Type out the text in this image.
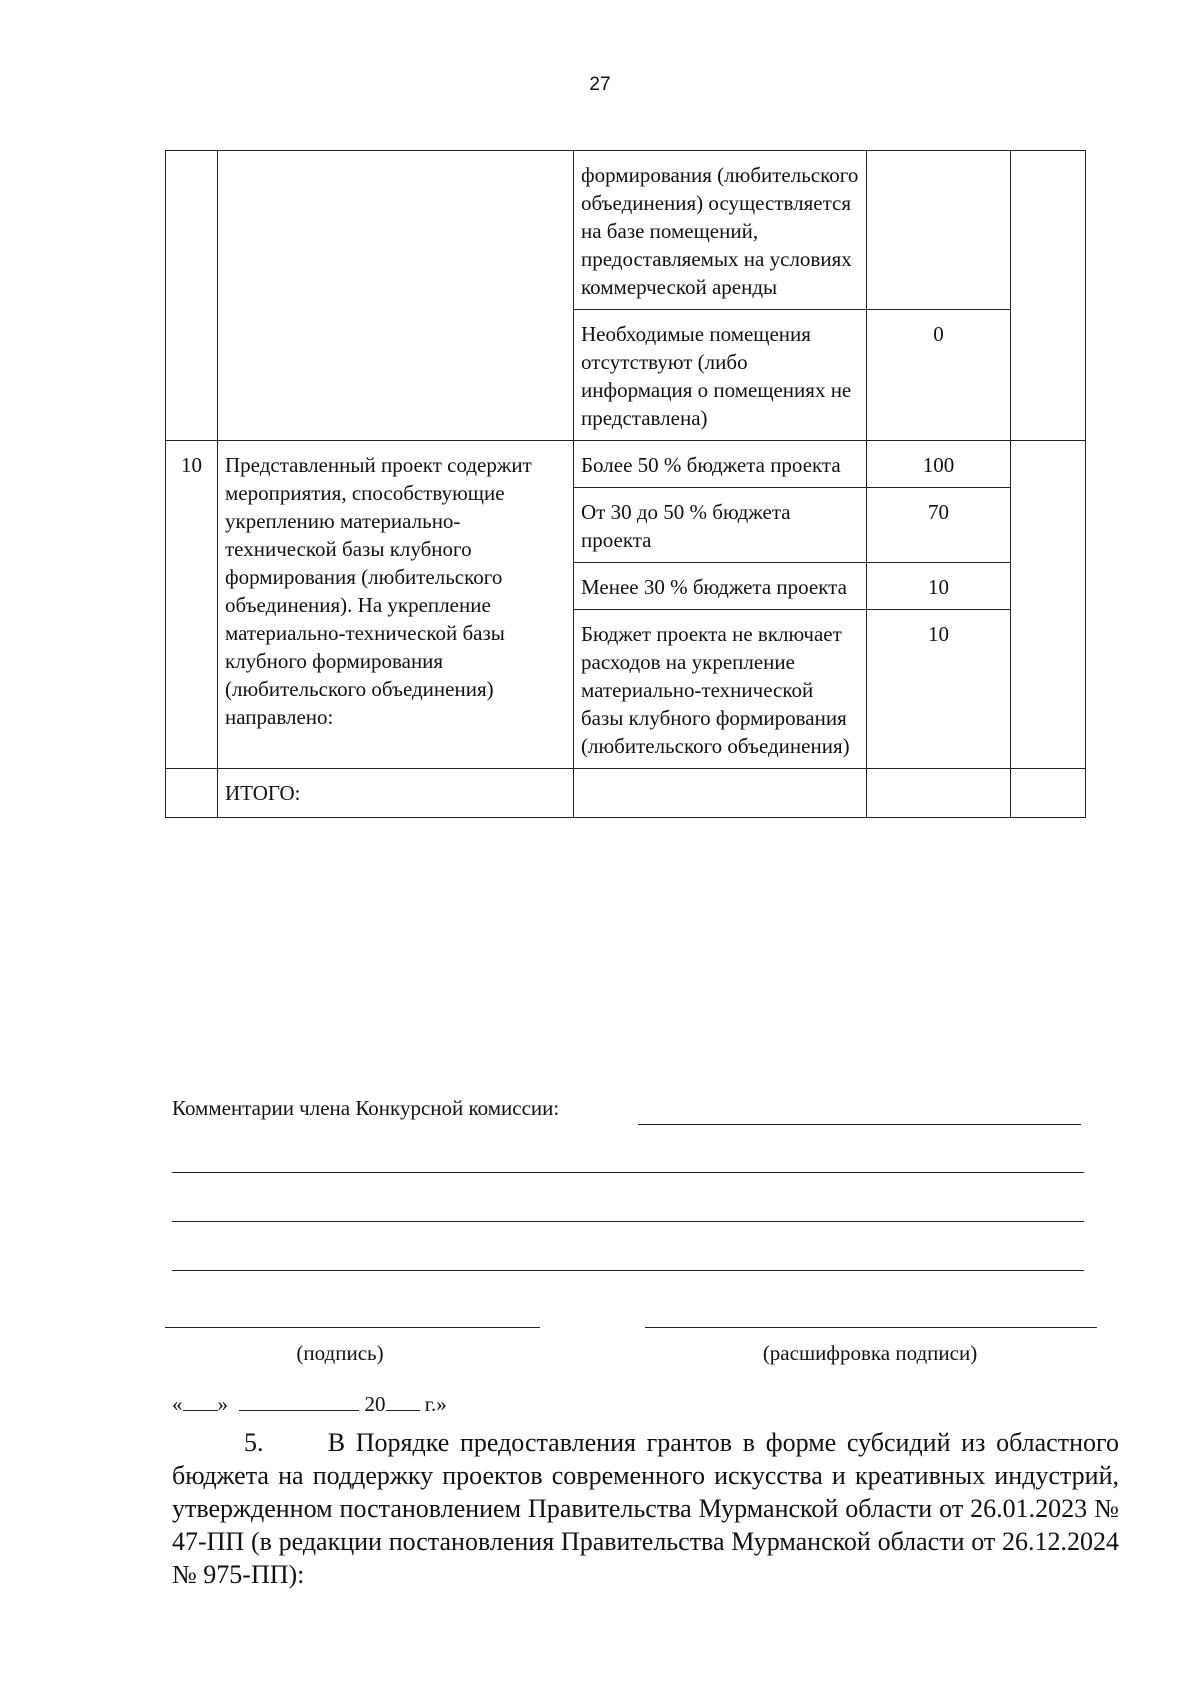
27
		формирования (любительского объединения) осуществляется на базе помещений, предоставляемых на условиях коммерческой аренды		
		Необходимые помещения отсутствуют (либо информация о помещениях не представлена)	0	
10	Представленный проект содержит мероприятия, способствующие укреплению материально-технической базы клубного формирования (любительского объединения). На укрепление материально-технической базы клубного формирования (любительского объединения) направлено:	Более 50 % бюджета проекта	100	
		От 30 до 50 % бюджета проекта	70	
		Менее 30 % бюджета проекта	10	
		Бюджет проекта не включает расходов на укрепление материально-технической базы клубного формирования (любительского объединения)	10	
	ИТОГО:			
Комментарии члена Конкурсной комиссии:
(подпись)	(расшифровка подписи)
« »	20 г.»
5. В Порядке предоставления грантов в форме субсидий из областного бюджета на поддержку проектов современного искусства и креативных индустрий, утвержденном постановлением Правительства Мурманской области от 26.01.2023 № 47-ПП (в редакции постановления Правительства Мурманской области от 26.12.2024 № 975-ПП):
